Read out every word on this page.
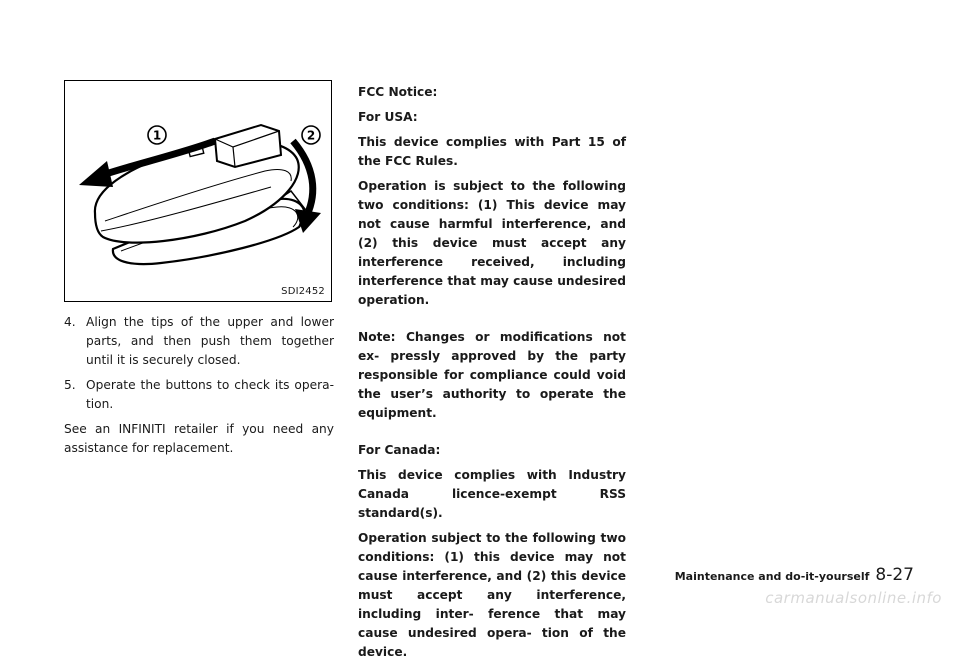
1	2
SDI2452
4. Align the tips of the upper and lower parts, and then push them together until it is securely closed.
5. Operate the buttons to check its opera- tion.

See an INFINITI retailer if you need any assistance for replacement.

FCC Notice:

For USA:

This device complies with Part 15 of the FCC Rules.

Operation is subject to the following two conditions: (1) This device may not cause harmful interference, and (2) this device must accept any interference received, including interference that may cause undesired operation.

Note: Changes or modifications not ex- pressly approved by the party responsible for compliance could void the user’s authority to operate the equipment.

For Canada:

This device complies with Industry Canada licence-exempt RSS standard(s).

Operation subject to the following two conditions: (1) this device may not cause interference, and (2) this device must accept any interference, including inter- ference that may cause undesired opera- tion of the device.

Maintenance and do-it-yourself 8-27
carmanualsonline.info
